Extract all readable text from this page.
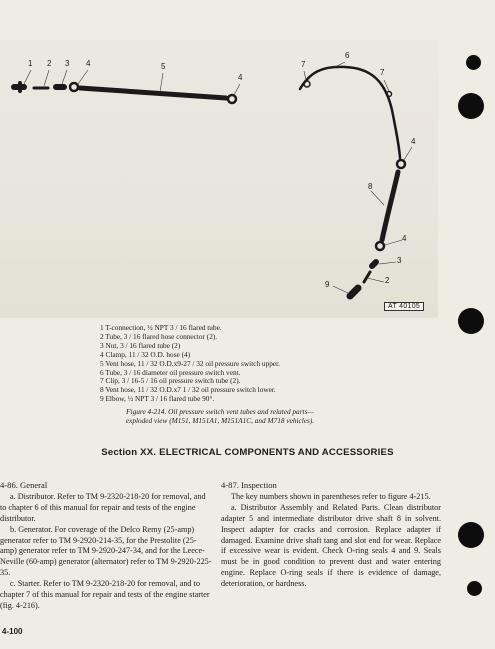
1 2 3 4	5
4
6
7
7
4
8
4
3
2
9
AT 40105
1 T-connection, ½ NPT 3 / 16 flared tube.
2 Tube, 3 / 16 flared hose connector (2).
3 Nut, 3 / 16 flared tube (2)
4 Clamp, 11 / 32 O.D. hose (4)
5 Vent hose, 11 / 32 O.D.x9-27 / 32 oil pressure switch upper.
6 Tube, 3 / 16 diameter oil pressure switch vent.
7 Clip, 3 / 16-5 / 16 oil pressure switch tube (2).
8 Vent hose, 11 / 32 O.D.x7 1 / 32 oil pressure switch lower.
9 Elbow, ½ NPT 3 / 16 flared tube 90°.
Figure 4-214. Oil pressure switch vent tubes and related parts—
exploded view (M151, M151A1, M151A1C, and M718 vehicles).
Section XX. ELECTRICAL COMPONENTS AND ACCESSORIES
4-86. General

a. Distributor. Refer to TM 9-2320-218-20 for removal, and to chapter 6 of this manual for repair and tests of the engine distributor.

b. Generator. For coverage of the Delco Remy (25-amp) generator refer to TM 9-2920-214-35, for the Prestolite (25-amp) generator refer to TM 9-2920-247-34, and for the Leece-Neville (60-amp) generator (alternator) refer to TM 9-2920-225-35.

c. Starter. Refer to TM 9-2320-218-20 for removal, and to chapter 7 of this manual for repair and tests of the engine starter (fig. 4-216).

4-87. Inspection

The key numbers shown in parentheses refer to figure 4-215.

a. Distributor Assembly and Related Parts. Clean distributor adapter 5 and intermediate distributor drive shaft 8 in solvent. Inspect adapter for cracks and corrosion. Replace adapter if damaged. Examine drive shaft tang and slot end for wear. Replace if excessive wear is evident. Check O-ring seals 4 and 9. Seals must be in good condition to prevent dust and water entering engine. Replace O-ring seals if there is evidence of damage, deterioration, or hardness.

4-100
